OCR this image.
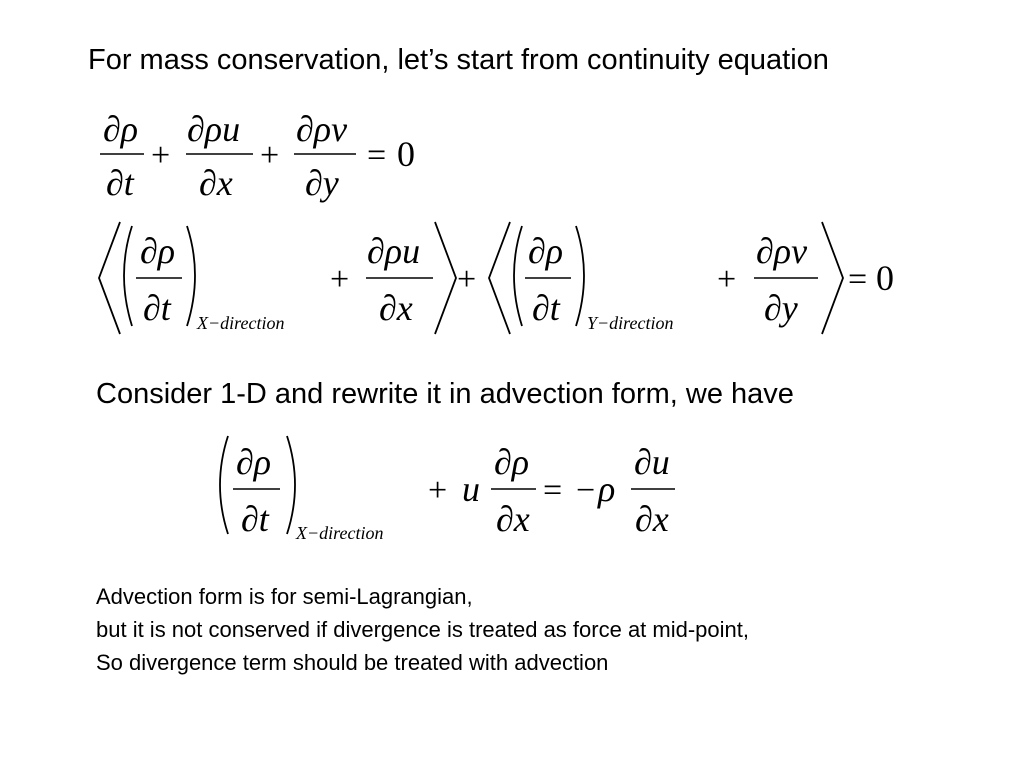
For mass conservation, let’s start from continuity equation
∂ρ
∂t
+
∂ρu
∂x
+
∂ρv
∂y
= 0
∂ρ
∂t X−direction
+
∂ρu
∂x
+
∂ρ
∂t Y−direction
+
∂ρv
∂y
= 0
∂ρ
∂t X−direction
+ u
∂ρ
∂x
= − ρ
∂u
∂x
Consider 1-D and rewrite it in advection form, we have
Advection form is for semi-Lagrangian,
but it is not conserved if divergence is treated as force at mid-point,
So divergence term should be treated with advection
